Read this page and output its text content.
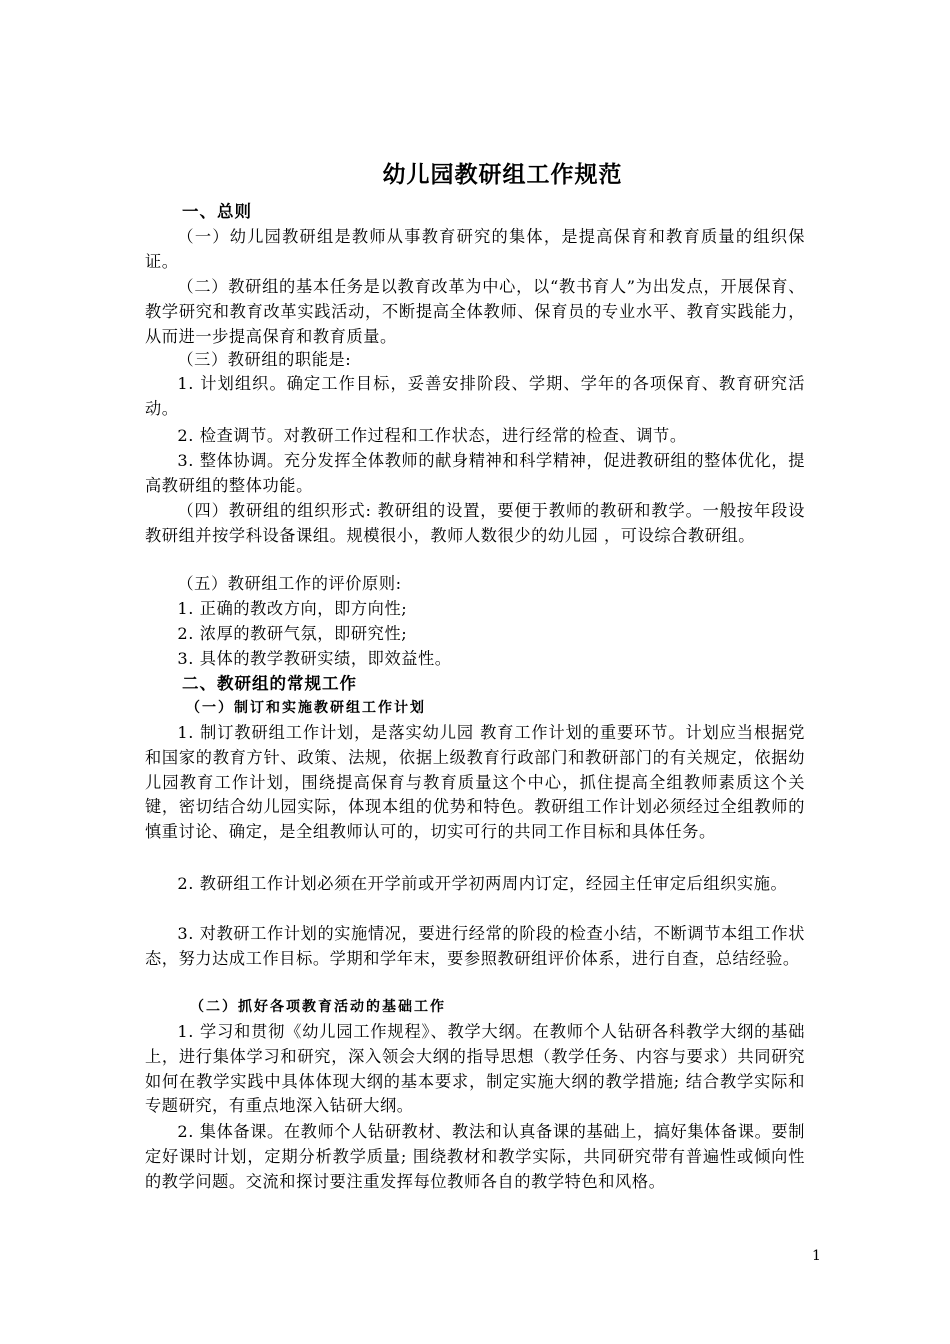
幼儿园教研组工作规范
一、总则

（一）幼儿园教研组是教师从事教育研究的集体，是提高保育和教育质量的组织保证。

（二）教研组的基本任务是以教育改革为中心，以“教书育人”为出发点，开展保育、教学研究和教育改革实践活动，不断提高全体教师、保育员的专业水平、教育实践能力，从而进一步提高保育和教育质量。

（三）教研组的职能是:

1. 计划组织。确定工作目标，妥善安排阶段、学期、学年的各项保育、教育研究活动。

2. 检查调节。对教研工作过程和工作状态，进行经常的检查、调节。

3. 整体协调。充分发挥全体教师的献身精神和科学精神，促进教研组的整体优化，提高教研组的整体功能。

（四）教研组的组织形式: 教研组的设置，要便于教师的教研和教学。一般按年段设教研组并按学科设备课组。规模很小，教师人数很少的幼儿园 ，可设综合教研组。

（五）教研组工作的评价原则:

1. 正确的教改方向，即方向性;

2. 浓厚的教研气氛，即研究性;

3. 具体的教学教研实绩，即效益性。

二、教研组的常规工作
（一）制订和实施教研组工作计划

1. 制订教研组工作计划，是落实幼儿园 教育工作计划的重要环节。计划应当根据党和国家的教育方针、政策、法规，依据上级教育行政部门和教研部门的有关规定，依据幼儿园教育工作计划，围绕提高保育与教育质量这个中心，抓住提高全组教师素质这个关键，密切结合幼儿园实际，体现本组的优势和特色。教研组工作计划必须经过全组教师的慎重讨论、确定，是全组教师认可的，切实可行的共同工作目标和具体任务。

2. 教研组工作计划必须在开学前或开学初两周内订定，经园主任审定后组织实施。

3. 对教研工作计划的实施情况，要进行经常的阶段的检查小结，不断调节本组工作状态，努力达成工作目标。学期和学年末，要参照教研组评价体系，进行自查，总结经验。

（二）抓好各项教育活动的基础工作

1. 学习和贯彻《幼儿园工作规程》、教学大纲。在教师个人钻研各科教学大纲的基础上，进行集体学习和研究，深入领会大纲的指导思想（教学任务、内容与要求）共同研究如何在教学实践中具体体现大纲的基本要求，制定实施大纲的教学措施; 结合教学实际和专题研究，有重点地深入钻研大纲。

2. 集体备课。在教师个人钻研教材、教法和认真备课的基础上，搞好集体备课。要制定好课时计划，定期分析教学质量; 围绕教材和教学实际，共同研究带有普遍性或倾向性的教学问题。交流和探讨要注重发挥每位教师各自的教学特色和风格。

1
